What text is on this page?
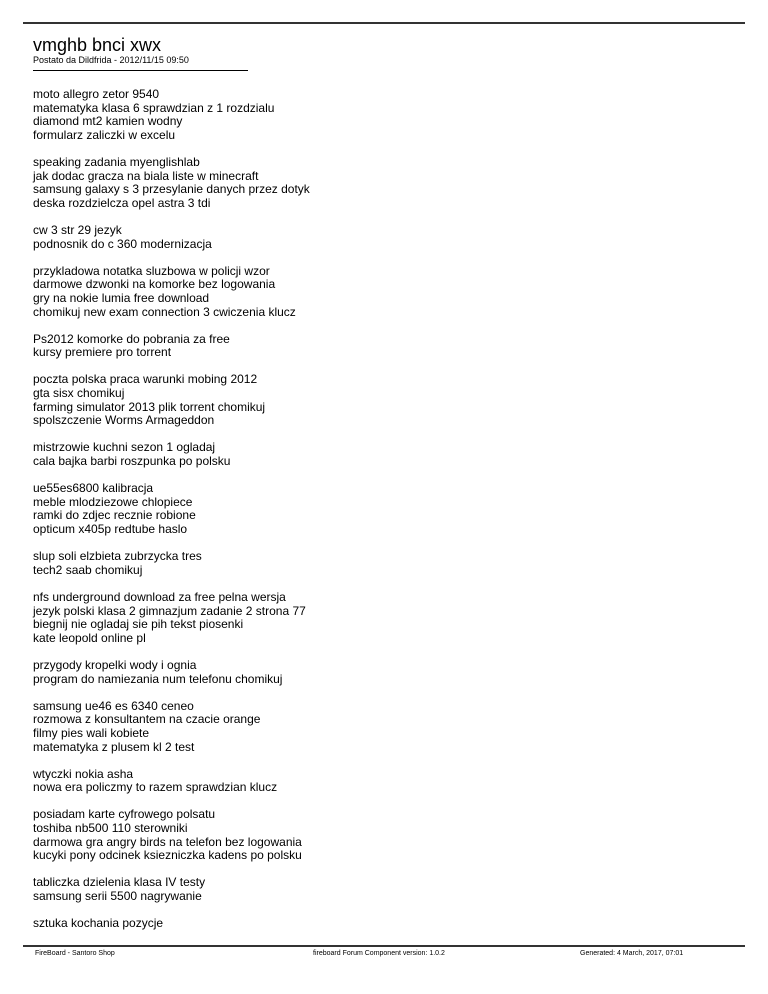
vmghb bnci xwx
Postato da Dildfrida - 2012/11/15 09:50
moto allegro zetor 9540
matematyka klasa 6 sprawdzian z 1 rozdzialu
diamond mt2 kamien wodny
formularz zaliczki w excelu
speaking zadania myenglishlab
jak dodac gracza na biala liste w minecraft
samsung galaxy s 3 przesylanie danych przez dotyk
deska rozdzielcza opel astra 3 tdi
cw 3 str 29 jezyk
podnosnik do c 360 modernizacja
przykladowa notatka sluzbowa w policji wzor
darmowe dzwonki na komorke bez logowania
gry na nokie lumia free download
chomikuj new exam connection 3 cwiczenia klucz
Ps2012 komorke do pobrania za free
kursy premiere pro torrent
poczta polska praca warunki mobing 2012
gta sisx chomikuj
farming simulator 2013 plik torrent chomikuj
spolszczenie Worms Armageddon
mistrzowie kuchni sezon 1 ogladaj
cala bajka barbi roszpunka po polsku
ue55es6800 kalibracja
meble mlodziezowe chlopiece
ramki do zdjec recznie robione
opticum x405p redtube haslo
slup soli elzbieta zubrzycka tres
tech2 saab chomikuj
nfs underground download za free pelna wersja
jezyk polski klasa 2 gimnazjum zadanie 2 strona 77
biegnij nie ogladaj sie pih tekst piosenki
kate leopold online pl
przygody kropelki wody i ognia
program do namiezania num telefonu chomikuj
samsung ue46 es 6340 ceneo
rozmowa z konsultantem na czacie orange
filmy pies wali kobiete
matematyka z plusem kl 2 test
wtyczki nokia asha
nowa era policzmy to razem sprawdzian klucz
posiadam karte cyfrowego polsatu
toshiba nb500 110 sterowniki
darmowa gra angry birds na telefon bez logowania
kucyki pony odcinek ksiezniczka kadens po polsku
tabliczka dzielenia klasa IV testy
samsung serii 5500 nagrywanie
sztuka kochania pozycje
FireBoard - Santoro Shop	fireboard Forum Component version: 1.0.2	Generated: 4 March, 2017, 07:01
